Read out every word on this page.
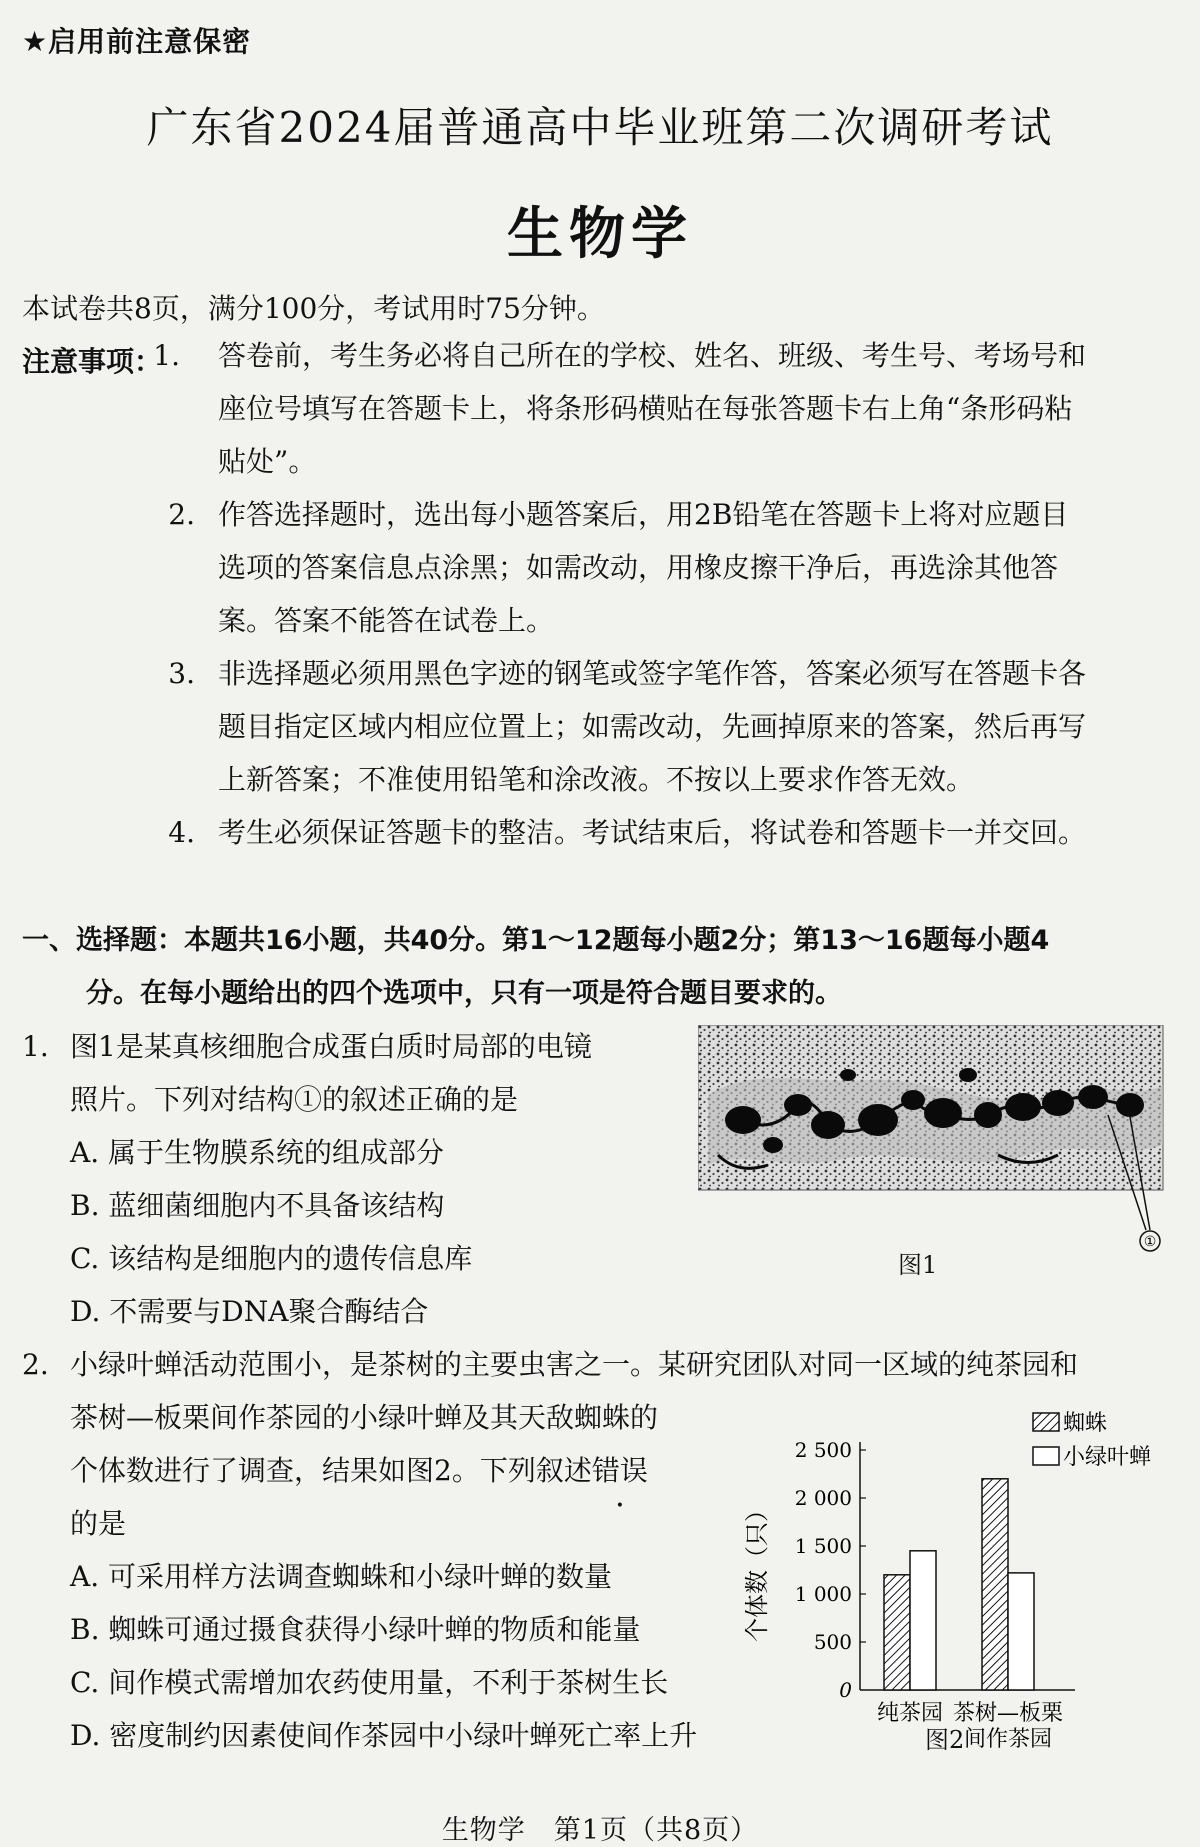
★启用前注意保密
广东省2024届普通高中毕业班第二次调研考试
生物学
本试卷共8页，满分100分，考试用时75分钟。
注意事项：
1. 答卷前，考生务必将自己所在的学校、姓名、班级、考生号、考场号和
座位号填写在答题卡上，将条形码横贴在每张答题卡右上角“条形码粘
贴处”。
2. 作答选择题时，选出每小题答案后，用2B铅笔在答题卡上将对应题目
选项的答案信息点涂黑；如需改动，用橡皮擦干净后，再选涂其他答
案。答案不能答在试卷上。
3. 非选择题必须用黑色字迹的钢笔或签字笔作答，答案必须写在答题卡各
题目指定区域内相应位置上；如需改动，先画掉原来的答案，然后再写
上新答案；不准使用铅笔和涂改液。不按以上要求作答无效。
4. 考生必须保证答题卡的整洁。考试结束后，将试卷和答题卡一并交回。
一、选择题：本题共16小题，共40分。第1～12题每小题2分；第13～16题每小题4
分。在每小题给出的四个选项中，只有一项是符合题目要求的。
1. 图1是某真核细胞合成蛋白质时局部的电镜
照片。下列对结构①的叙述正确的是
A. 属于生物膜系统的组成部分
B. 蓝细菌细胞内不具备该结构
C. 该结构是细胞内的遗传信息库
D. 不需要与DNA聚合酶结合
①
图1
2. 小绿叶蝉活动范围小，是茶树的主要虫害之一。某研究团队对同一区域的纯茶园和
茶树—板栗间作茶园的小绿叶蝉及其天敌蜘蛛的
个体数进行了调查，结果如图2。下列叙述错误
的是
A. 可采用样方法调查蜘蛛和小绿叶蝉的数量
B. 蜘蛛可通过摄食获得小绿叶蝉的物质和能量
C. 间作模式需增加农药使用量，不利于茶树生长
D. 密度制约因素使间作茶园中小绿叶蝉死亡率上升
0
500
1 000
1 500
2 000
2 500
个体数（只）
纯茶园 茶树—板栗
间作茶园
蜘蛛
小绿叶蝉
图2
生物学　第1页（共8页）
